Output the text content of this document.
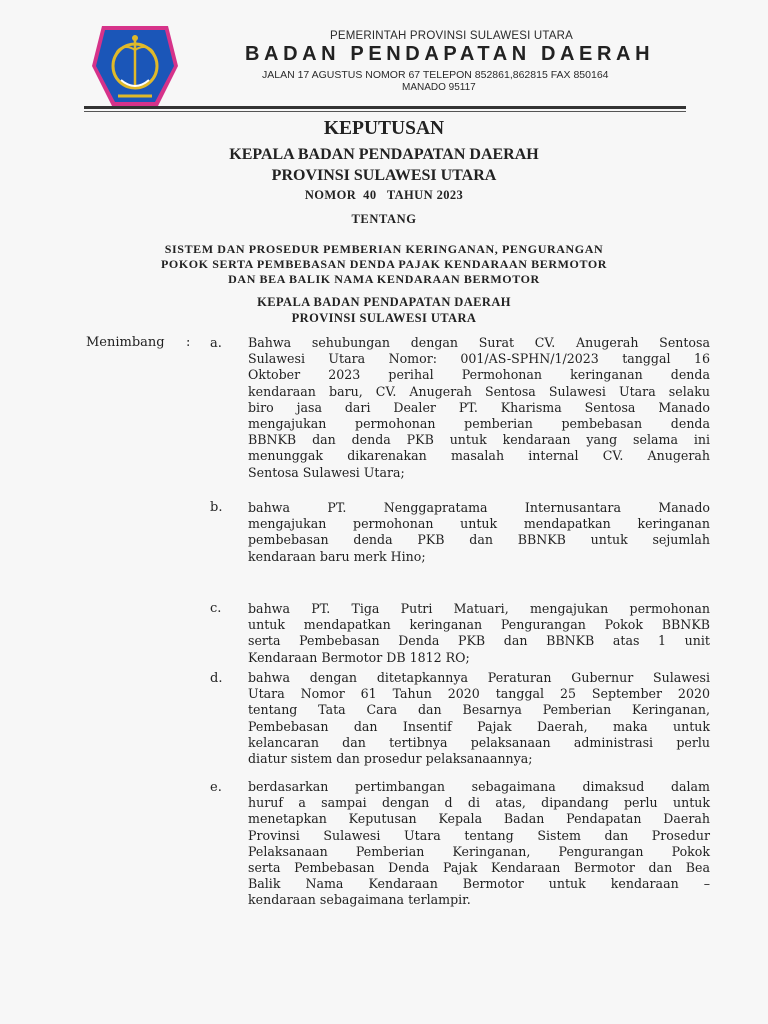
PEMERINTAH PROVINSI SULAWESI UTARA
BADAN PENDAPATAN DAERAH
JALAN 17 AGUSTUS NOMOR 67 TELEPON 852861,862815 FAX 850164
MANADO 95117
KEPUTUSAN
KEPALA BADAN PENDAPATAN DAERAH
PROVINSI SULAWESI UTARA
NOMOR  40   TAHUN 2023
TENTANG
SISTEM DAN PROSEDUR PEMBERIAN KERINGANAN, PENGURANGAN
POKOK SERTA PEMBEBASAN DENDA PAJAK KENDARAAN BERMOTOR
DAN BEA BALIK NAMA KENDARAAN BERMOTOR
KEPALA BADAN PENDAPATAN DAERAH
PROVINSI SULAWESI UTARA
Menimbang : a. Bahwa sehubungan dengan Surat CV. Anugerah Sentosa
Sulawesi Utara Nomor: 001/AS-SPHN/1/2023 tanggal 16
Oktober 2023 perihal Permohonan keringanan denda
kendaraan baru, CV. Anugerah Sentosa Sulawesi Utara selaku
biro jasa dari Dealer PT. Kharisma Sentosa Manado
mengajukan permohonan pemberian pembebasan denda
BBNKB dan denda PKB untuk kendaraan yang selama ini
menunggak dikarenakan masalah internal CV. Anugerah
Sentosa Sulawesi Utara;
b. bahwa PT. Nenggapratama Internusantara Manado
mengajukan permohonan untuk mendapatkan keringanan
pembebasan denda PKB dan BBNKB untuk sejumlah
kendaraan baru merk Hino;
c. bahwa PT. Tiga Putri Matuari, mengajukan permohonan
untuk mendapatkan keringanan Pengurangan Pokok BBNKB
serta Pembebasan Denda PKB dan BBNKB atas 1 unit
Kendaraan Bermotor DB 1812 RO;
d. bahwa dengan ditetapkannya Peraturan Gubernur Sulawesi
Utara Nomor 61 Tahun 2020 tanggal 25 September 2020
tentang Tata Cara dan Besarnya Pemberian Keringanan,
Pembebasan dan Insentif Pajak Daerah, maka untuk
kelancaran dan tertibnya pelaksanaan administrasi perlu
diatur sistem dan prosedur pelaksanaannya;
e. berdasarkan pertimbangan sebagaimana dimaksud dalam
huruf a sampai dengan d di atas, dipandang perlu untuk
menetapkan Keputusan Kepala Badan Pendapatan Daerah
Provinsi Sulawesi Utara tentang Sistem dan Prosedur
Pelaksanaan Pemberian Keringanan, Pengurangan Pokok
serta Pembebasan Denda Pajak Kendaraan Bermotor dan Bea
Balik Nama Kendaraan Bermotor untuk kendaraan –
kendaraan sebagaimana terlampir.
